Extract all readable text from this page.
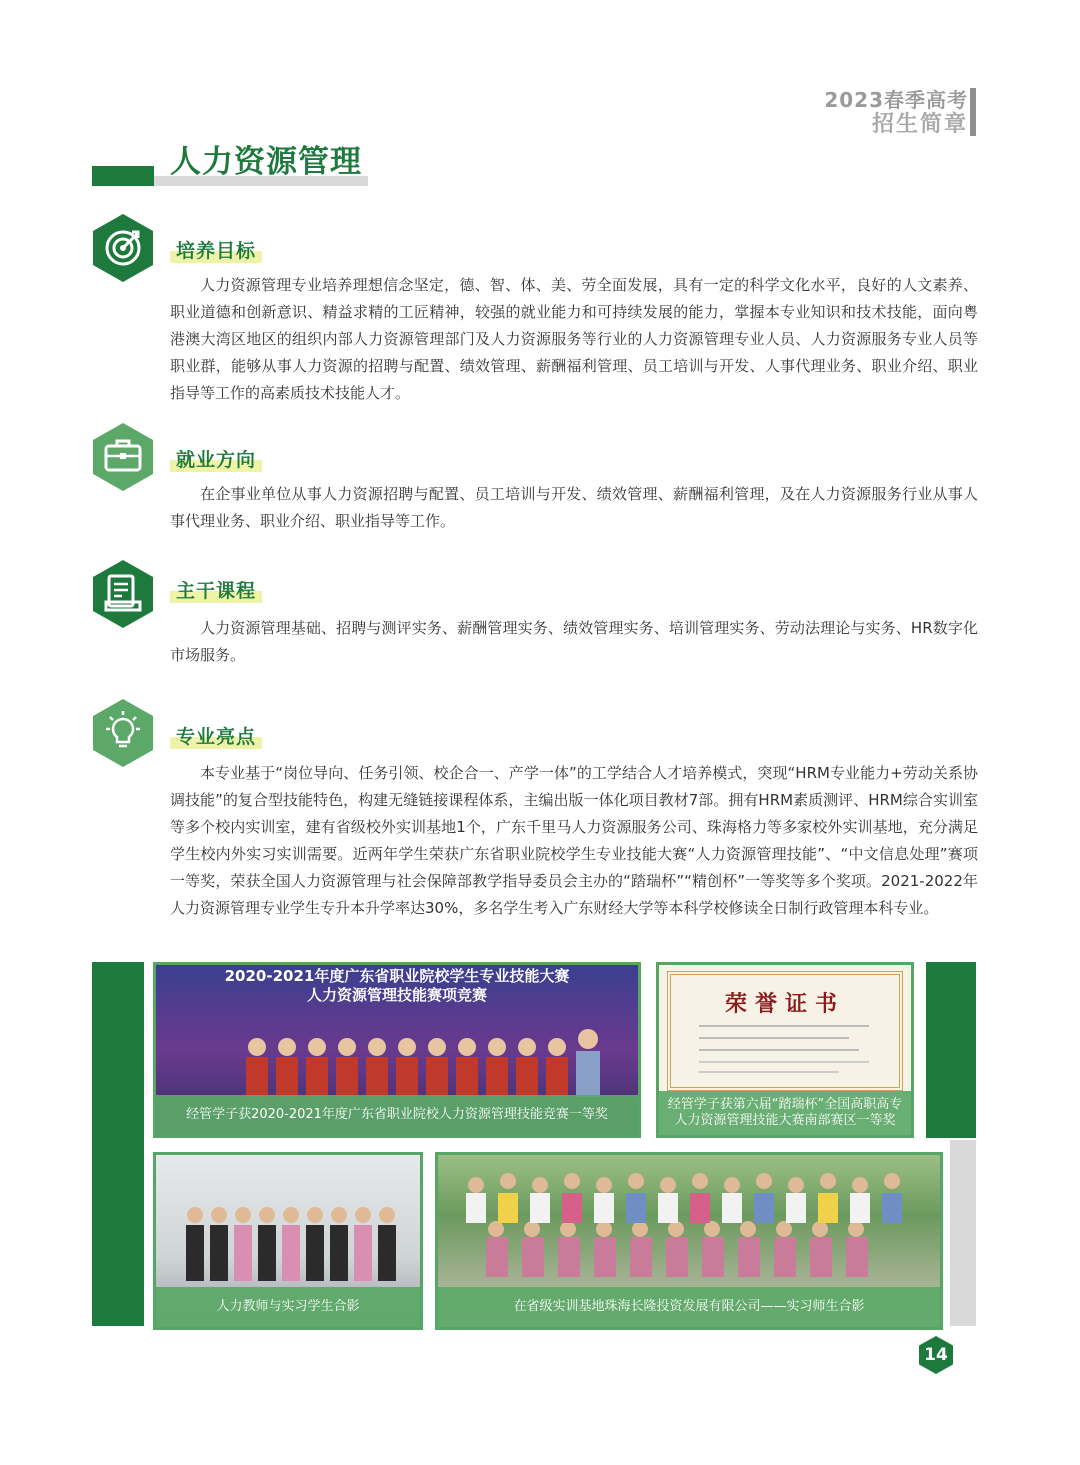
2023春季高考
招生简章
人力资源管理
培养目标

人力资源管理专业培养理想信念坚定，德、智、体、美、劳全面发展，具有一定的科学文化水平，良好的人文素养、职业道德和创新意识、精益求精的工匠精神，较强的就业能力和可持续发展的能力，掌握本专业知识和技术技能，面向粤港澳大湾区地区的组织内部人力资源管理部门及人力资源服务等行业的人力资源管理专业人员、人力资源服务专业人员等职业群，能够从事人力资源的招聘与配置、绩效管理、薪酬福利管理、员工培训与开发、人事代理业务、职业介绍、职业指导等工作的高素质技术技能人才。

就业方向

在企事业单位从事人力资源招聘与配置、员工培训与开发、绩效管理、薪酬福利管理，及在人力资源服务行业从事人事代理业务、职业介绍、职业指导等工作。

主干课程

人力资源管理基础、招聘与测评实务、薪酬管理实务、绩效管理实务、培训管理实务、劳动法理论与实务、HR数字化市场服务。

专业亮点

本专业基于“岗位导向、任务引领、校企合一、产学一体”的工学结合人才培养模式，突现“HRM专业能力+劳动关系协调技能”的复合型技能特色，构建无缝链接课程体系，主编出版一体化项目教材7部。拥有HRM素质测评、HRM综合实训室等多个校内实训室，建有省级校外实训基地1个，广东千里马人力资源服务公司、珠海格力等多家校外实训基地，充分满足学生校内外实习实训需要。近两年学生荣获广东省职业院校学生专业技能大赛“人力资源管理技能”、“中文信息处理”赛项一等奖，荣获全国人力资源管理与社会保障部教学指导委员会主办的“踏瑞杯”“精创杯”一等奖等多个奖项。2021-2022年人力资源管理专业学生专升本升学率达30%，多名学生考入广东财经大学等本科学校修读全日制行政管理本科专业。

2020-2021年度广东省职业院校学生专业技能大赛
人力资源管理技能赛项竞赛
经管学子获2020-2021年度广东省职业院校人力资源管理技能竞赛一等奖
荣誉证书
经管学子获第六届“踏瑞杯”全国高职高专人力资源管理技能大赛南部赛区一等奖
人力教师与实习学生合影	在省级实训基地珠海长隆投资发展有限公司——实习师生合影
14
